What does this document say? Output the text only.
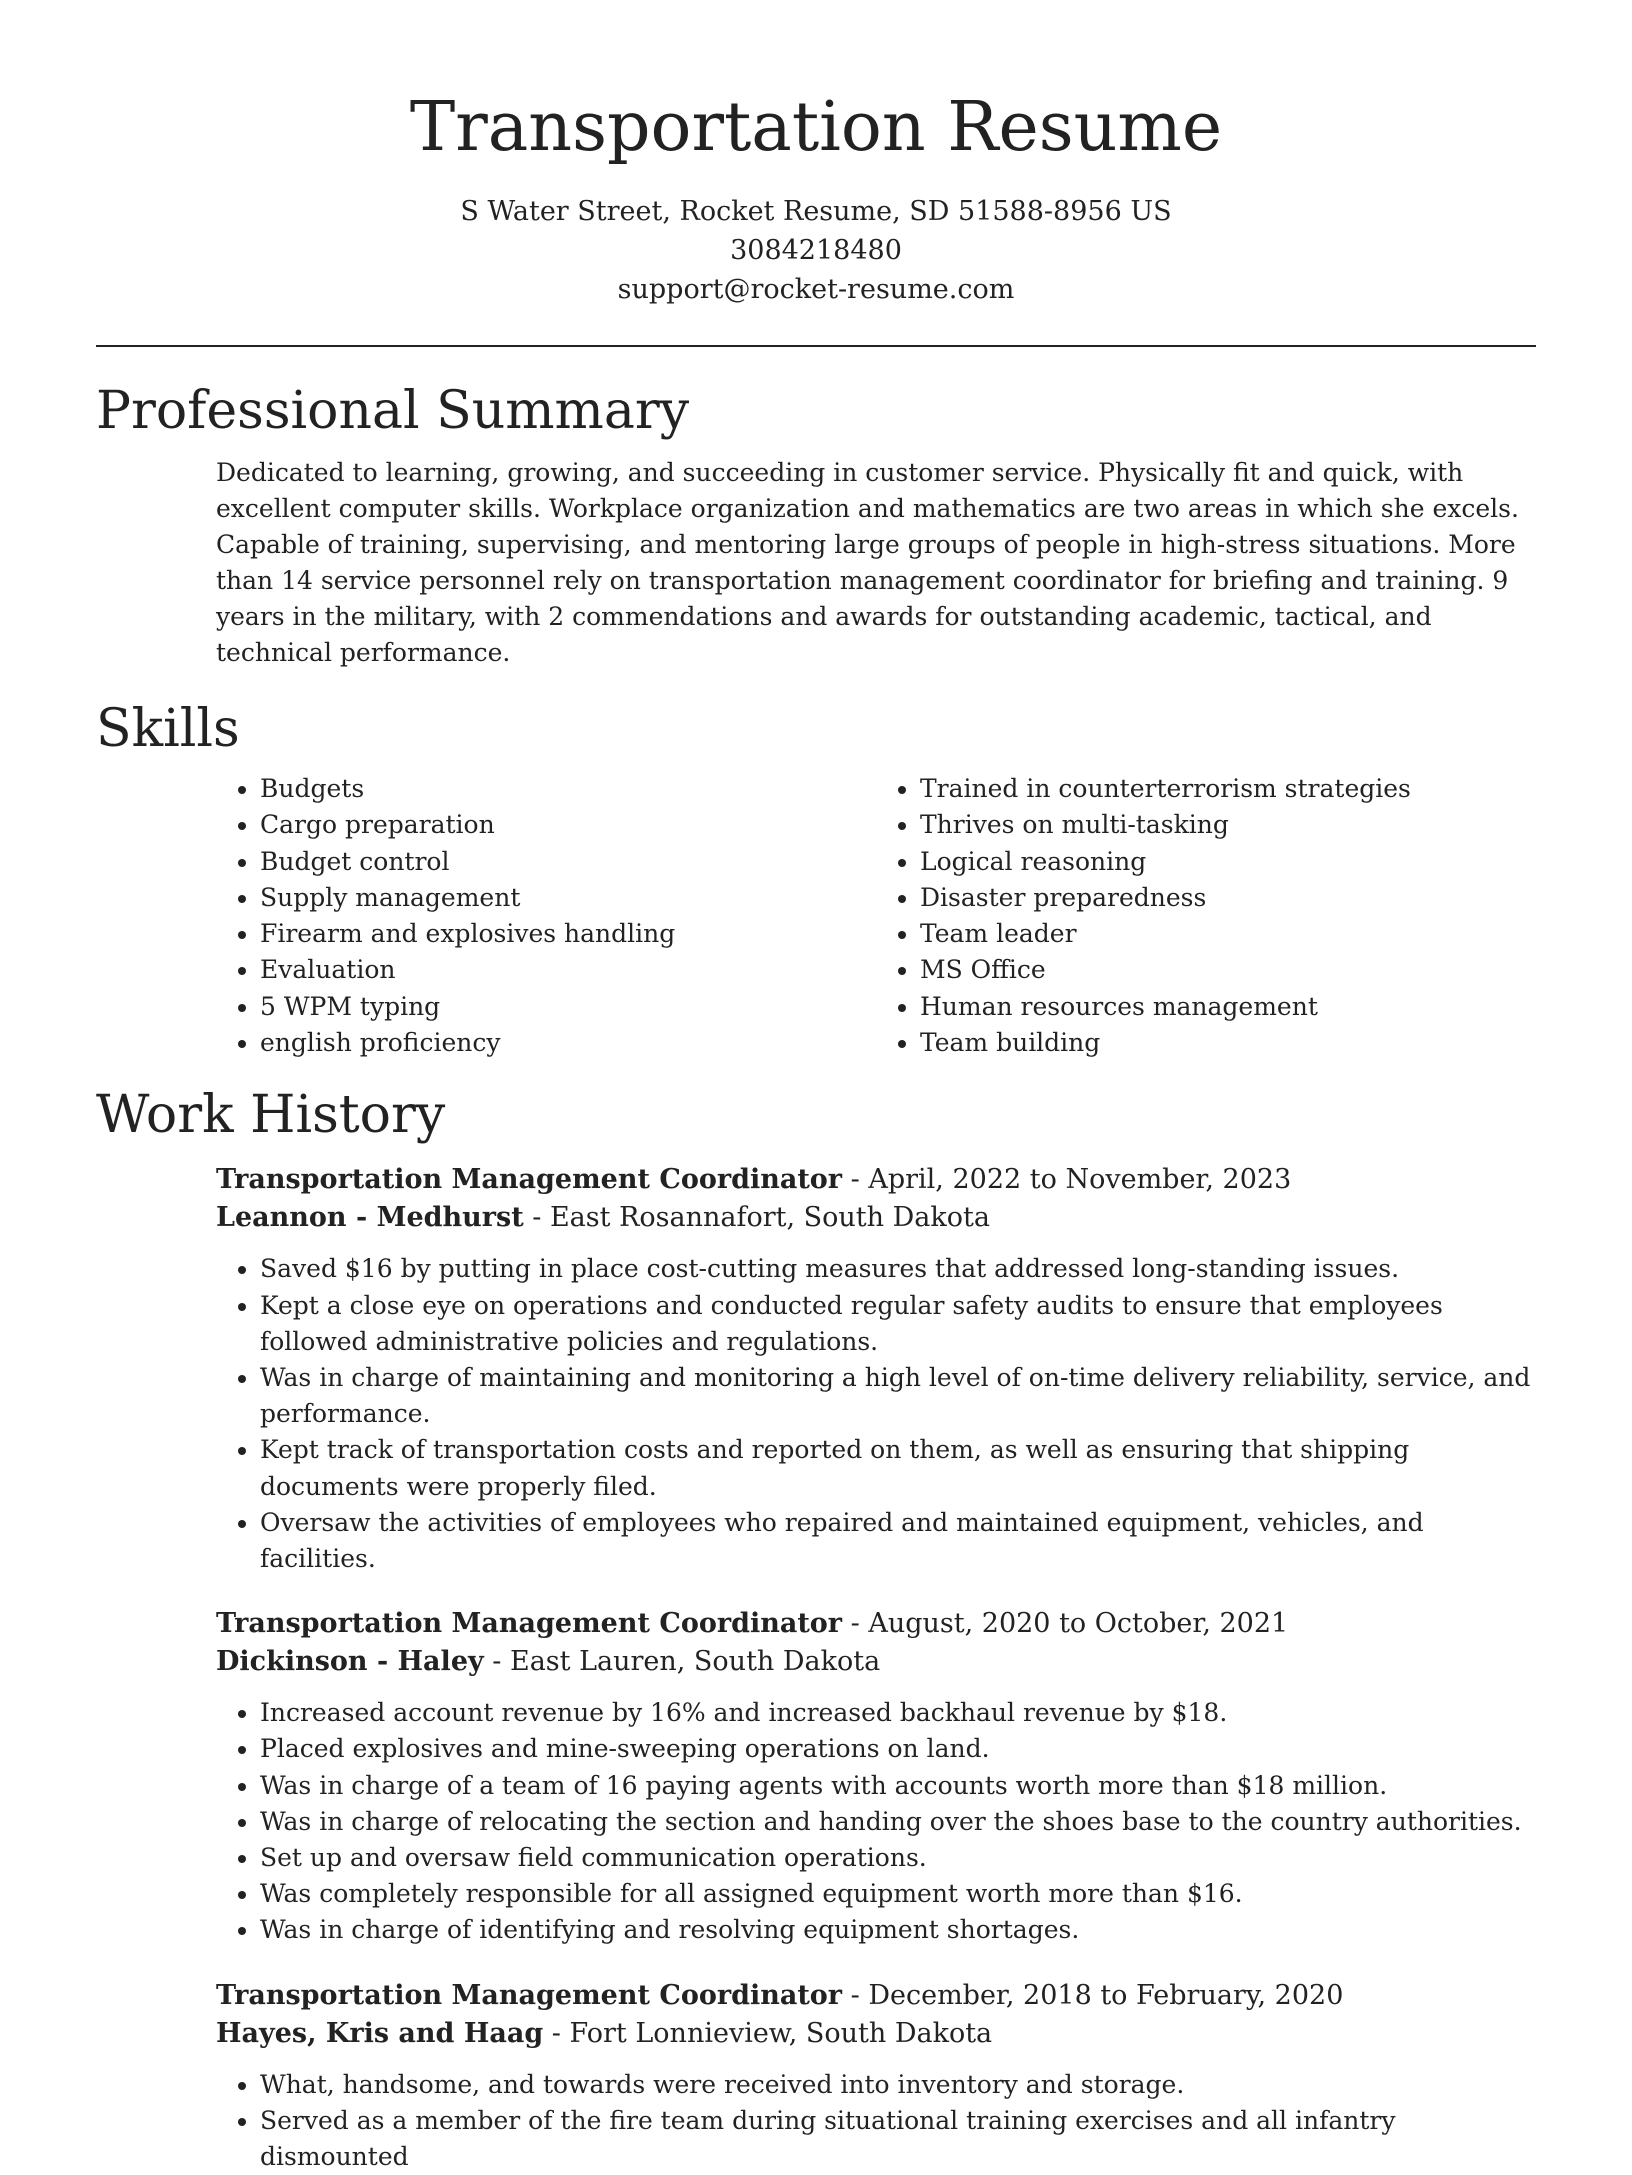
Transportation Resume

S Water Street, Rocket Resume, SD 51588-8956 US

3084218480

support@rocket-resume.com

Professional Summary

Dedicated to learning, growing, and succeeding in customer service. Physically fit and quick, with excellent computer skills. Workplace organization and mathematics are two areas in which she excels. Capable of training, supervising, and mentoring large groups of people in high-stress situations. More than 14 service personnel rely on transportation management coordinator for briefing and training. 9 years in the military, with 2 commendations and awards for outstanding academic, tactical, and technical performance.

Skills
• Budgets
• Cargo preparation
• Budget control
• Supply management
• Firearm and explosives handling
• Evaluation
• 5 WPM typing
• english proficiency
• Trained in counterterrorism strategies
• Thrives on multi-tasking
• Logical reasoning
• Disaster preparedness
• Team leader
• MS Office
• Human resources management
• Team building
Work History

Transportation Management Coordinator - April, 2022 to November, 2023

Leannon - Medhurst - East Rosannafort, South Dakota

• Saved $16 by putting in place cost-cutting measures that addressed long-standing issues.
• Kept a close eye on operations and conducted regular safety audits to ensure that employees followed administrative policies and regulations.
• Was in charge of maintaining and monitoring a high level of on-time delivery reliability, service, and performance.
• Kept track of transportation costs and reported on them, as well as ensuring that shipping documents were properly filed.
• Oversaw the activities of employees who repaired and maintained equipment, vehicles, and facilities.

Transportation Management Coordinator - August, 2020 to October, 2021

Dickinson - Haley - East Lauren, South Dakota

• Increased account revenue by 16% and increased backhaul revenue by $18.
• Placed explosives and mine-sweeping operations on land.
• Was in charge of a team of 16 paying agents with accounts worth more than $18 million.
• Was in charge of relocating the section and handing over the shoes base to the country authorities.
• Set up and oversaw field communication operations.
• Was completely responsible for all assigned equipment worth more than $16.
• Was in charge of identifying and resolving equipment shortages.

Transportation Management Coordinator - December, 2018 to February, 2020

Hayes, Kris and Haag - Fort Lonnieview, South Dakota

• What, handsome, and towards were received into inventory and storage.
• Served as a member of the fire team during situational training exercises and all infantry dismounted
